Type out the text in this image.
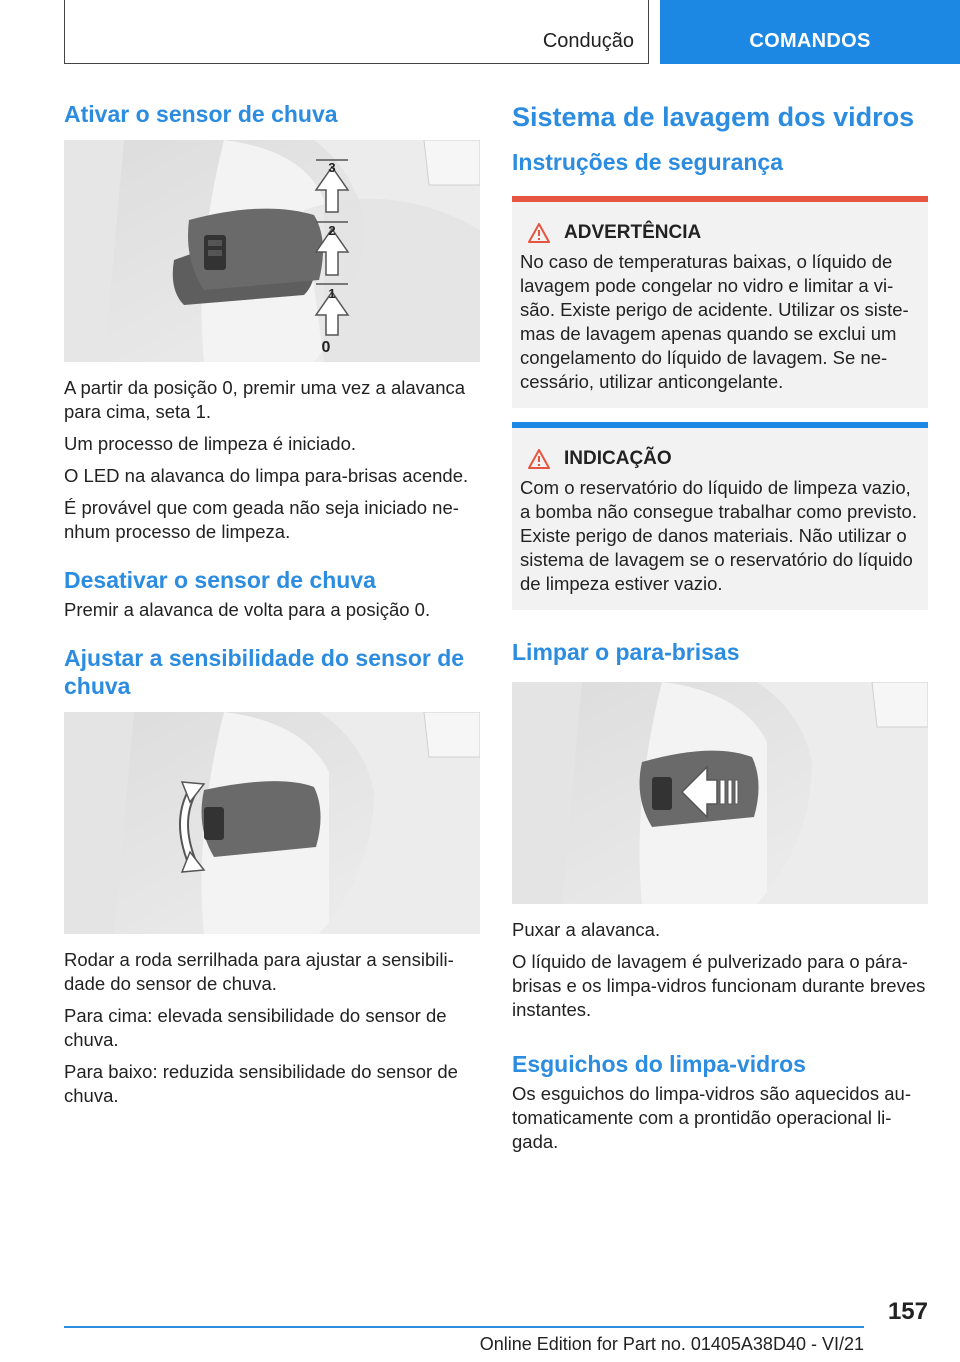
Condução	COMANDOS
Ativar o sensor de chuva
3
2
1
0

A partir da posição 0, premir uma vez a alavanca para cima, seta 1.

Um processo de limpeza é iniciado.

O LED na alavanca do limpa para-brisas acende.

É provável que com geada não seja iniciado nenhum processo de limpeza.

Desativar o sensor de chuva

Premir a alavanca de volta para a posição 0.

Ajustar a sensibilidade do sensor de chuva

Rodar a roda serrilhada para ajustar a sensibilidade do sensor de chuva.

Para cima: elevada sensibilidade do sensor de chuva.

Para baixo: reduzida sensibilidade do sensor de chuva.

Sistema de lavagem dos vidros
Instruções de segurança
ADVERTÊNCIA

No caso de temperaturas baixas, o líquido de lavagem pode congelar no vidro e limitar a visão. Existe perigo de acidente. Utilizar os sistemas de lavagem apenas quando se exclui um congelamento do líquido de lavagem. Se necessário, utilizar anticongelante.

INDICAÇÃO

Com o reservatório do líquido de limpeza vazio, a bomba não consegue trabalhar como previsto. Existe perigo de danos materiais. Não utilizar o sistema de lavagem se o reservatório do líquido de limpeza estiver vazio.

Limpar o para-brisas

Puxar a alavanca.

O líquido de lavagem é pulverizado para o pára-brisas e os limpa-vidros funcionam durante breves instantes.

Esguichos do limpa-vidros

Os esguichos do limpa-vidros são aquecidos automaticamente com a prontidão operacional ligada.

157
Online Edition for Part no. 01405A38D40 - VI/21
